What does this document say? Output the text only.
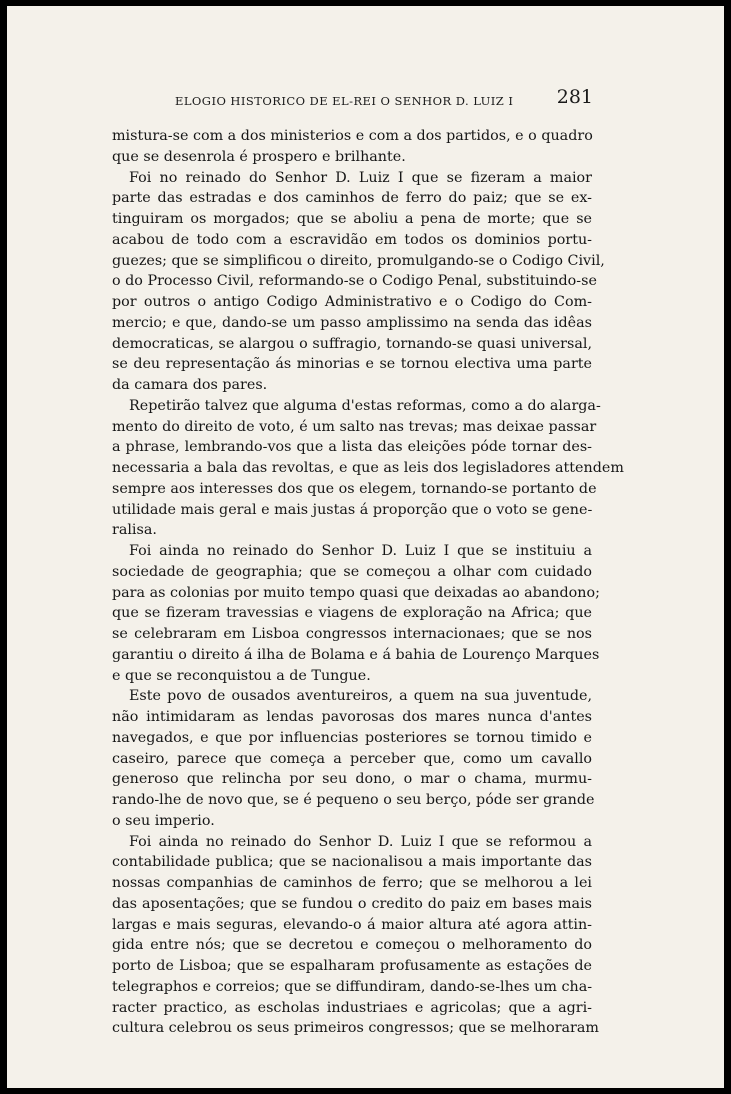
ELOGIO HISTORICO DE EL-REI O SENHOR D. LUIZ I 281
mistura-se com a dos ministerios e com a dos partidos, e o quadro
que se desenrola é prospero e brilhante.
Foi no reinado do Senhor D. Luiz I que se fizeram a maior
parte das estradas e dos caminhos de ferro do paiz; que se ex-
tinguiram os morgados; que se aboliu a pena de morte; que se
acabou de todo com a escravidão em todos os dominios portu-
guezes; que se simplificou o direito, promulgando-se o Codigo Civil,
o do Processo Civil, reformando-se o Codigo Penal, substituindo-se
por outros o antigo Codigo Administrativo e o Codigo do Com-
mercio; e que, dando-se um passo amplissimo na senda das idêas
democraticas, se alargou o suffragio, tornando-se quasi universal,
se deu representação ás minorias e se tornou electiva uma parte
da camara dos pares.
Repetirão talvez que alguma d'estas reformas, como a do alarga-
mento do direito de voto, é um salto nas trevas; mas deixae passar
a phrase, lembrando-vos que a lista das eleições póde tornar des-
necessaria a bala das revoltas, e que as leis dos legisladores attendem
sempre aos interesses dos que os elegem, tornando-se portanto de
utilidade mais geral e mais justas á proporção que o voto se gene-
ralisa.
Foi ainda no reinado do Senhor D. Luiz I que se instituiu a
sociedade de geographia; que se começou a olhar com cuidado
para as colonias por muito tempo quasi que deixadas ao abandono;
que se fizeram travessias e viagens de exploração na Africa; que
se celebraram em Lisboa congressos internacionaes; que se nos
garantiu o direito á ilha de Bolama e á bahia de Lourenço Marques
e que se reconquistou a de Tungue.
Este povo de ousados aventureiros, a quem na sua juventude,
não intimidaram as lendas pavorosas dos mares nunca d'antes
navegados, e que por influencias posteriores se tornou timido e
caseiro, parece que começa a perceber que, como um cavallo
generoso que relincha por seu dono, o mar o chama, murmu-
rando-lhe de novo que, se é pequeno o seu berço, póde ser grande
o seu imperio.
Foi ainda no reinado do Senhor D. Luiz I que se reformou a
contabilidade publica; que se nacionalisou a mais importante das
nossas companhias de caminhos de ferro; que se melhorou a lei
das aposentações; que se fundou o credito do paiz em bases mais
largas e mais seguras, elevando-o á maior altura até agora attin-
gida entre nós; que se decretou e começou o melhoramento do
porto de Lisboa; que se espalharam profusamente as estações de
telegraphos e correios; que se diffundiram, dando-se-lhes um cha-
racter practico, as escholas industriaes e agricolas; que a agri-
cultura celebrou os seus primeiros congressos; que se melhoraram
